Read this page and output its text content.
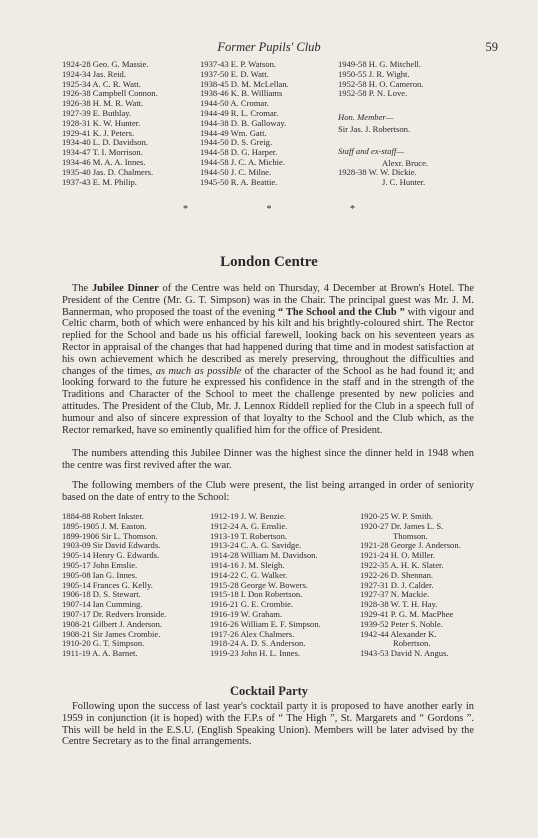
Former Pupils' Club	59
1924-28 Geo. G. Massie.
1924-34 Jas. Reid.
1925-34 A. C. R. Watt.
1926-38 Campbell Connon.
1926-38 H. M. R. Watt.
1927-39 E. Buthlay.
1928-31 K. W. Hunter.
1929-41 K. J. Peters.
1934-40 L. D. Davidson.
1934-47 T. I. Morrison.
1934-46 M. A. A. Innes.
1935-40 Jas. D. Chalmers.
1937-43 E. M. Philip.
1937-43 E. P. Watson.
1937-50 E. D. Watt.
1938-45 D. M. McLellan.
1938-46 K. B. Williams
1944-50 A. Cromar.
1944-49 R. L. Cromar.
1944-38 D. B. Galloway.
1944-49 Wm. Gatt.
1944-50 D. S. Greig.
1944-58 D. G. Harper.
1944-58 J. C. A. Michie.
1944-50 J. C. Milne.
1945-50 R. A. Beattie.
1949-58 H. G. Mitchell.
1950-55 J. R. Wight.
1952-58 H. O. Cameron.
1952-58 P. N. Love.
Hon. Member—
Sir Jas. J. Robertson.
Staff and ex-staff—
Alexr. Bruce.
1928-38 W. W. Dickie.
J. C. Hunter.
* * *
London Centre
The Jubilee Dinner of the Centre was held on Thursday, 4 December at Brown's Hotel. The President of the Centre (Mr. G. T. Simpson) was in the Chair. The principal guest was Mr. J. M. Bannerman, who proposed the toast of the evening “ The School and the Club ” with vigour and Celtic charm, both of which were enhanced by his kilt and his brightly-coloured shirt. The Rector replied for the School and bade us his official farewell, looking back on his seventeen years as Rector in appraisal of the changes that had happened during that time and in modest satisfaction at his own achievement which he described as merely preserving, throughout the difficulties and changes of the times, as much as possible of the character of the School as he had found it; and looking forward to the future he expressed his confidence in the staff and in the strength of the Traditions and Character of the School to meet the challenge presented by new policies and attitudes. The President of the Club, Mr. J. Lennox Riddell replied for the Club in a speech full of humour and also of sincere expression of that loyalty to the School and the Club which, as the Rector remarked, have so eminently qualified him for the office of President.
The numbers attending this Jubilee Dinner was the highest since the dinner held in 1948 when the centre was first revived after the war.
The following members of the Club were present, the list being arranged in order of seniority based on the date of entry to the School:
1884-88 Robert Inkster.
1895-1905 J. M. Easton.
1899-1906 Sir L. Thomson.
1903-09 Sir David Edwards.
1905-14 Henry G. Edwards.
1905-17 John Emslie.
1905-08 Ian G. Innes.
1905-14 Frances G. Kelly.
1906-18 D. S. Stewart.
1907-14 Ian Cumming.
1907-17 Dr. Redvers Ironside.
1908-21 Gilbert J. Anderson.
1908-21 Sir James Crombie.
1910-20 G. T. Simpson.
1911-19 A. A. Barnet.
1912-19 J. W. Benzie.
1912-24 A. G. Emslie.
1913-19 T. Robertson.
1913-24 C. A. G. Savidge.
1914-28 William M. Davidson.
1914-16 J. M. Sleigh.
1914-22 C. G. Walker.
1915-28 George W. Bowers.
1915-18 I. Don Robertson.
1916-21 G. E. Crombie.
1916-19 W. Graham.
1916-26 William E. F. Simpson.
1917-26 Alex Chalmers.
1918-24 A. D. S. Anderson.
1919-23 John H. L. Innes.
1920-25 W. P. Smith.
1920-27 Dr. James L. S.
Thomson.
1921-28 George J. Anderson.
1921-24 H. O. Miller.
1922-35 A. H. K. Slater.
1922-26 D. Shennan.
1927-31 D. J. Calder.
1927-37 N. Mackie.
1928-38 W. T. H. Hay.
1929-41 P. G. M. MacPhee
1939-52 Peter S. Noble.
1942-44 Alexander K.
Robertson.
1943-53 David N. Angus.
Cocktail Party
Following upon the success of last year's cocktail party it is proposed to have another early in 1959 in conjunction (it is hoped) with the F.P.s of “ The High ”, St. Margarets and “ Gordons ”. This will be held in the E.S.U. (English Speaking Union). Members will be later advised by the Centre Secretary as to the final arrangements.
